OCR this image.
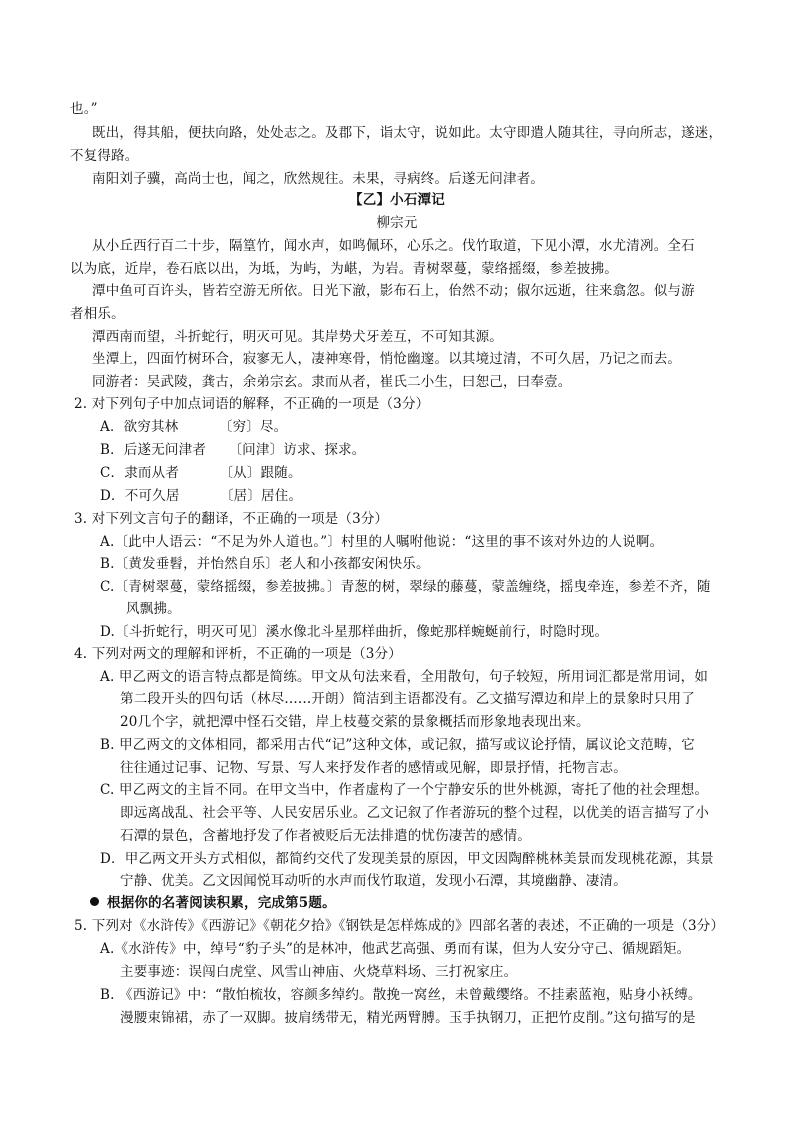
也。”
既出，得其船，便扶向路，处处志之。及郡下，诣太守，说如此。太守即遣人随其往，寻向所志，遂迷，
不复得路。
南阳刘子骥，高尚士也，闻之，欣然规往。未果，寻病终。后遂无问津者。
【乙】小石潭记
柳宗元
从小丘西行百二十步，隔篁竹，闻水声，如鸣佩环，心乐之。伐竹取道，下见小潭，水尤清冽。全石
以为底，近岸，卷石底以出，为坻，为屿，为嵁，为岩。青树翠蔓，蒙络摇缀，参差披拂。
潭中鱼可百许头，皆若空游无所依。日光下澈，影布石上，佁然不动；俶尔远逝，往来翕忽。似与游
者相乐。
潭西南而望，斗折蛇行，明灭可见。其岸势犬牙差互，不可知其源。
坐潭上，四面竹树环合，寂寥无人，凄神寒骨，悄怆幽邃。以其境过清，不可久居，乃记之而去。
同游者：吴武陵，龚古，余弟宗玄。隶而从者，崔氏二小生，曰恕己，曰奉壹。
2. 对下列句子中加点词语的解释，不正确的一项是（3分）
A．欲穷其林         〔穷〕尽。
B．后遂无问津者     〔问津〕访求、探求。
C．隶而从者         〔从〕跟随。
D．不可久居         〔居〕居住。
3. 对下列文言句子的翻译，不正确的一项是（3分）
A.〔此中人语云：“不足为外人道也。”〕村里的人嘱咐他说：“这里的事不该对外边的人说啊。
B.〔黄发垂髫，并怡然自乐〕老人和小孩都安闲快乐。
C.〔青树翠蔓，蒙络摇缀，参差披拂。〕青葱的树，翠绿的藤蔓，蒙盖缠绕，摇曳牵连，参差不齐，随
风飘拂。
D.〔斗折蛇行，明灭可见〕溪水像北斗星那样曲折，像蛇那样蜿蜒前行，时隐时现。
4. 下列对两文的理解和评析，不正确的一项是（3分）
A. 甲乙两文的语言特点都是简练。甲文从句法来看，全用散句，句子较短，所用词汇都是常用词，如
第二段开头的四句话（林尽......开朗）简洁到主语都没有。乙文描写潭边和岸上的景象时只用了
20几个字，就把潭中怪石交错，岸上枝蔓交萦的景象概括而形象地表现出来。
B. 甲乙两文的文体相同，都采用古代“记”这种文体，或记叙，描写或议论抒情，属议论文范畴，它
往往通过记事、记物、写景、写人来抒发作者的感情或见解，即景抒情，托物言志。
C. 甲乙两文的主旨不同。在甲文当中，作者虚构了一个宁静安乐的世外桃源，寄托了他的社会理想。
即远离战乱、社会平等、人民安居乐业。乙文记叙了作者游玩的整个过程，以优美的语言描写了小
石潭的景色，含蓄地抒发了作者被贬后无法排遣的忧伤凄苦的感情。
D．甲乙两文开头方式相似，都简约交代了发现美景的原因，甲文因陶醉桃林美景而发现桃花源，其景
宁静、优美。乙文因闻悦耳动听的水声而伐竹取道，发现小石潭，其境幽静、凄清。
根据你的名著阅读积累，完成第5题。
5. 下列对《水浒传》《西游记》《朝花夕拾》《钢铁是怎样炼成的》四部名著的表述，不正确的一项是（3分）
A.《水浒传》中，绰号“豹子头”的是林冲，他武艺高强、勇而有谋，但为人安分守己、循规蹈矩。
主要事迹：误闯白虎堂、风雪山神庙、火烧草料场、三打祝家庄。
B. 《西游记》中：“散怕梳妆，容颜多绰约。散挽一窝丝，未曾戴缨络。不挂素蓝袍，贴身小袄缚。
漫腰束锦裙，赤了一双脚。披肩绣带无，精光两臂膊。玉手执钢刀，正把竹皮削。”这句描写的是
